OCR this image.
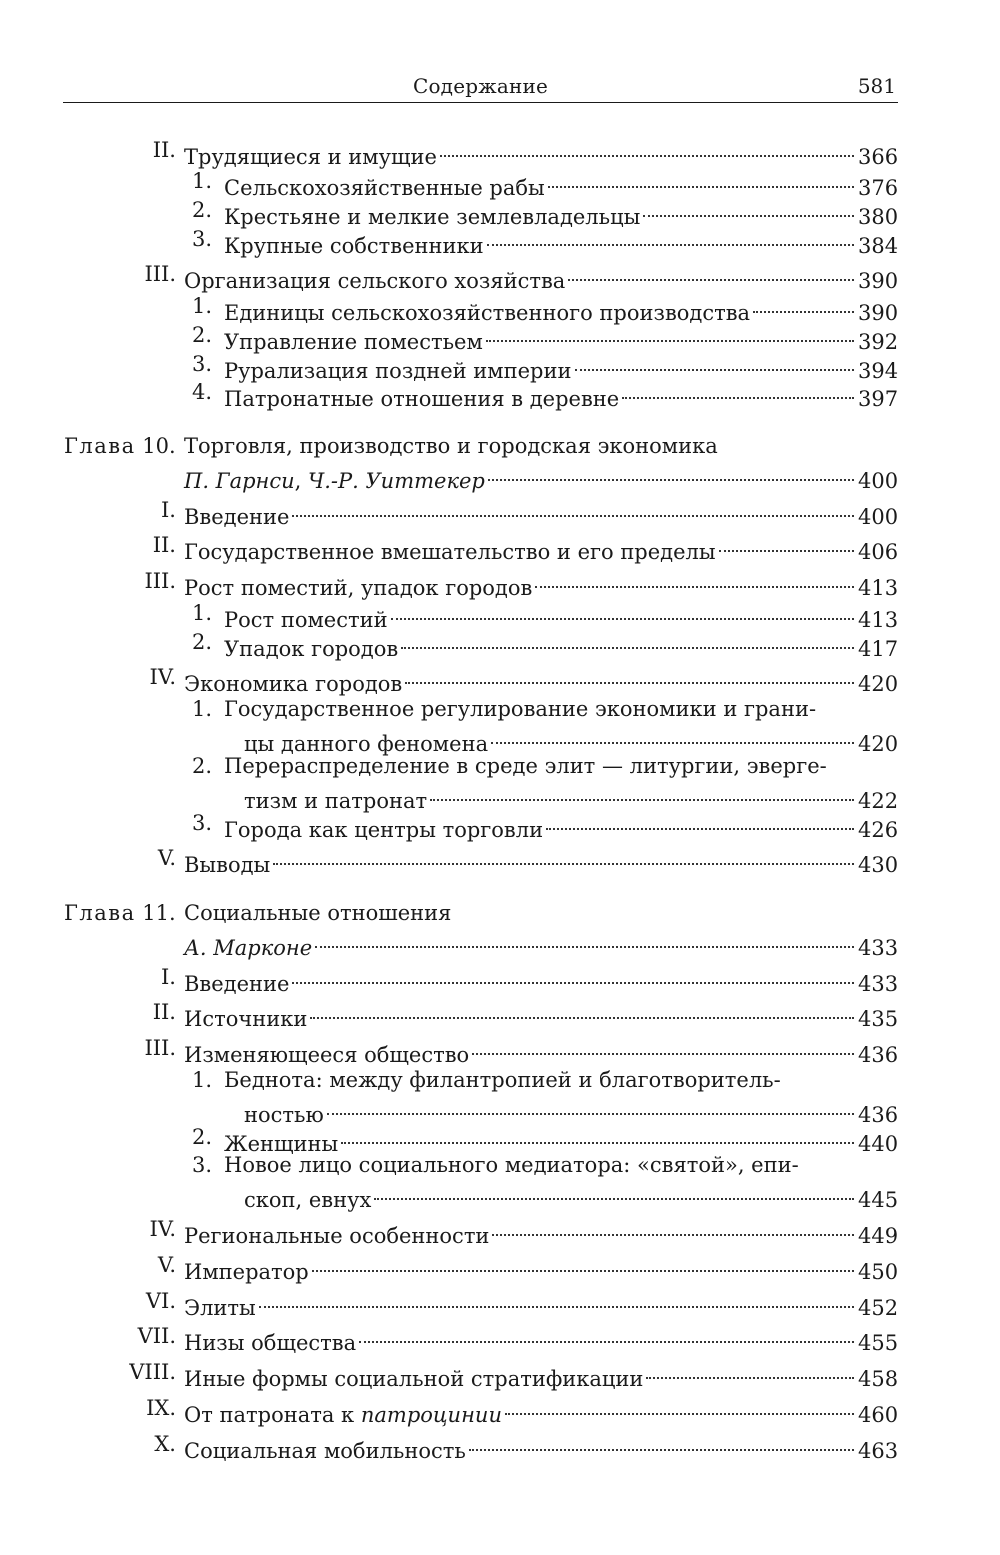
Содержание	581
II. Трудящиеся и имущие	366
1. Сельскохозяйственные рабы	376
2. Крестьяне и мелкие землевладельцы	380
3. Крупные собственники	384
III. Организация сельского хозяйства	390
1. Единицы сельскохозяйственного производства	390
2. Управление поместьем	392
3. Рурализация поздней империи	394
4. Патронатные отношения в деревне	397
Глава 10. Торговля, производство и городская экономика
П. Гарнси, Ч.-Р. Уиттекер	400
I. Введение	400
II. Государственное вмешательство и его пределы	406
III. Рост поместий, упадок городов	413
1. Рост поместий	413
2. Упадок городов	417
IV. Экономика городов	420
1. Государственное регулирование экономики и грани-
цы данного феномена	420
2. Перераспределение в среде элит — литургии, эверге-
тизм и патронат	422
3. Города как центры торговли	426
V. Выводы	430
Глава 11. Социальные отношения
А. Марконе	433
I. Введение	433
II. Источники	435
III. Изменяющееся общество	436
1. Беднота: между филантропией и благотворитель-
ностью	436
2. Женщины	440
3. Новое лицо социального медиатора: «святой», епи-
скоп, евнух	445
IV. Региональные особенности	449
V. Император	450
VI. Элиты	452
VII. Низы общества	455
VIII. Иные формы социальной стратификации	458
IX. От патроната к патроцинии	460
X. Социальная мобильность	463
